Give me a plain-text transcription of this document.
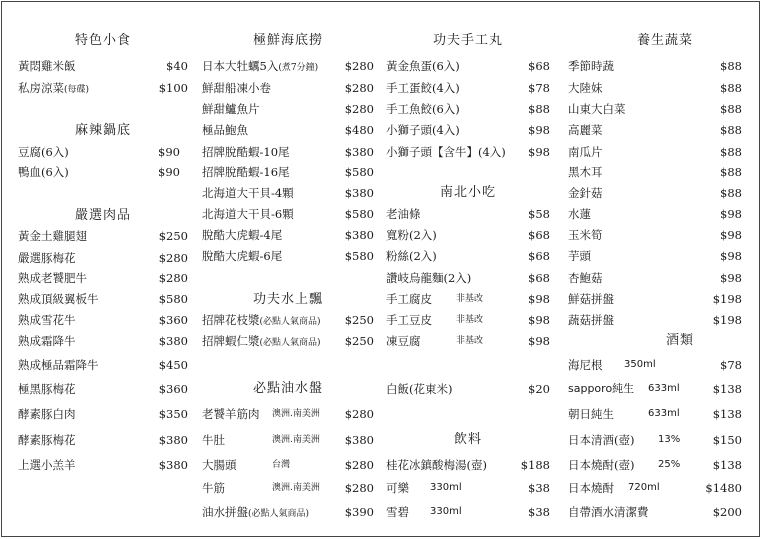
特色小食
黃悶雞米飯	$40
私房涼菜(每碟)	$100
麻辣鍋底
豆腐(6入)	$90
鴨血(6入)	$90
嚴選肉品
黃金土雞腿翅	$250
嚴選豚梅花	$280
熟成老饕肥牛	$280
熟成頂級翼板牛	$580
熟成雪花牛	$360
熟成霜降牛	$380
熟成極品霜降牛	$450
極黑豚梅花	$360
酵素豚白肉	$350
酵素豚梅花	$380
上選小羔羊	$380
極鮮海底撈
日本大牡蠣5入(煮7分鐘) $280
鮮甜船凍小卷	$280
鮮甜鱸魚片	$280
極品鮑魚	$480
招牌脫酷蝦-10尾	$380
招牌脫酷蝦-16尾	$580
北海道大干貝-4顆	$380
北海道大干貝-6顆	$580
脫酷大虎蝦-4尾	$380
脫酷大虎蝦-6尾	$580
功夫水上飄
招牌花枝漿(必點人氣商品) $250
招牌蝦仁漿(必點人氣商品) $250
必點油水盤
老饕羊筋肉 澳洲.南美洲 $280
牛肚	澳洲.南美洲 $380
大腸頭	台灣	$280
牛筋	澳洲.南美洲 $280
油水拼盤(必點人氣商品)	$390
功夫手工丸
黃金魚蛋(6入)	$68
手工蛋餃(4入)	$78
手工魚餃(6入)	$88
小獅子頭(4入)	$98
小獅子頭【含牛】(4入) $98
南北小吃
老油條	$58
寬粉(2入)	$68
粉絲(2入)	$68
讚岐烏龍麵(2入)	$68
手工腐皮	非基改	$98
手工豆皮	非基改	$98
凍豆腐	非基改	$98
白飯(花東米)	$20
飲料
桂花冰鎮酸梅湯(壺)	$188
可樂 330ml	$38
雪碧 330ml	$38
養生蔬菜
季節時蔬	$88
大陸妹	$88
山東大白菜	$88
高麗菜	$88
南瓜片	$88
黑木耳	$88
金針菇	$88
水蓮	$98
玉米筍	$98
芋頭	$98
杏鮑菇	$98
鮮菇拼盤	$198
蔬菇拼盤	$198
酒類
海尼根 350ml	$78
sapporo純生 633ml	$138
朝日純生	633ml	$138
日本清酒(壺) 13%	$150
日本燒酎(壺) 25%	$138
日本燒酎 720ml	$1480
自帶酒水清潔費	$200
